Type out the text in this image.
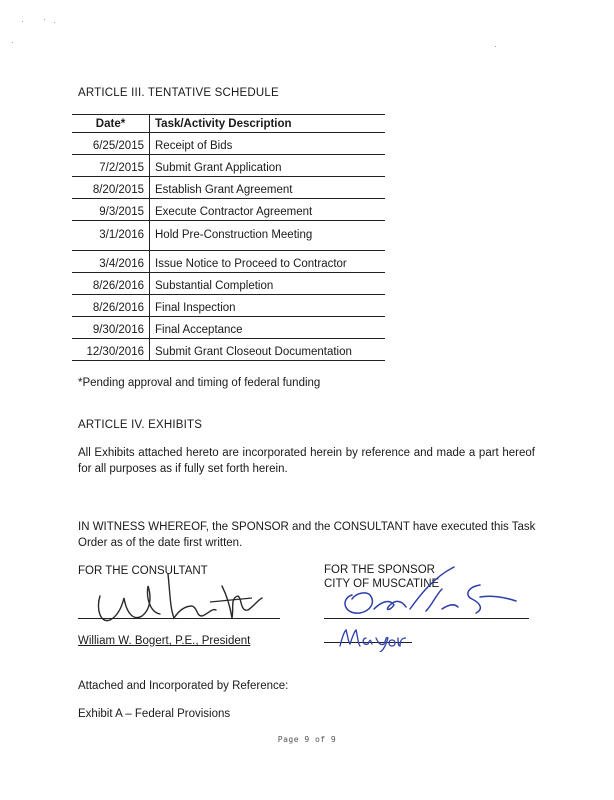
ARTICLE III. TENTATIVE SCHEDULE
Date*	Task/Activity Description
6/25/2015	Receipt of Bids
7/2/2015	Submit Grant Application
8/20/2015	Establish Grant Agreement
9/3/2015	Execute Contractor Agreement
3/1/2016	Hold Pre-Construction Meeting
3/4/2016	Issue Notice to Proceed to Contractor
8/26/2016	Substantial Completion
8/26/2016	Final Inspection
9/30/2016	Final Acceptance
12/30/2016	Submit Grant Closeout Documentation
*Pending approval and timing of federal funding
ARTICLE IV. EXHIBITS
All Exhibits attached hereto are incorporated herein by reference and made a part hereof for all purposes as if fully set forth herein.
IN WITNESS WHEREOF, the SPONSOR and the CONSULTANT have executed this Task Order as of the date first written.
FOR THE CONSULTANT
William W. Bogert, P.E., President
FOR THE SPONSOR
CITY OF MUSCATINE
Attached and Incorporated by Reference:
Exhibit A – Federal Provisions
Page 9 of 9
